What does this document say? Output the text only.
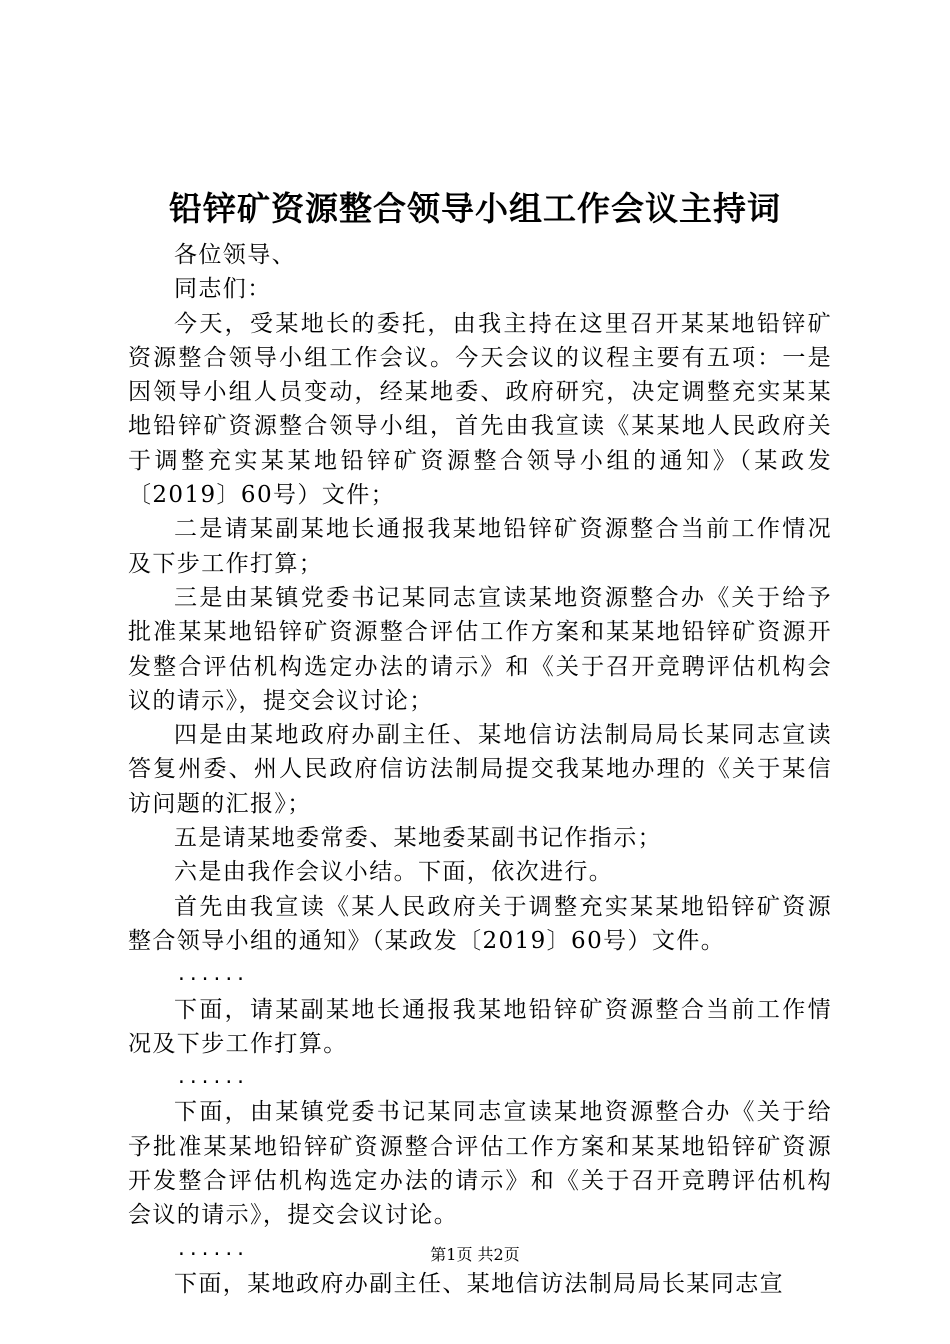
铅锌矿资源整合领导小组工作会议主持词

各位领导、

同志们：

今天，受某地长的委托，由我主持在这里召开某某地铅锌矿资源整合领导小组工作会议。今天会议的议程主要有五项：一是因领导小组人员变动，经某地委、政府研究，决定调整充实某某地铅锌矿资源整合领导小组，首先由我宣读《某某地人民政府关于调整充实某某地铅锌矿资源整合领导小组的通知》（某政发〔2019〕60号）文件；

二是请某副某地长通报我某地铅锌矿资源整合当前工作情况及下步工作打算；

三是由某镇党委书记某同志宣读某地资源整合办《关于给予批准某某地铅锌矿资源整合评估工作方案和某某地铅锌矿资源开发整合评估机构选定办法的请示》和《关于召开竞聘评估机构会议的请示》，提交会议讨论；

四是由某地政府办副主任、某地信访法制局局长某同志宣读答复州委、州人民政府信访法制局提交我某地办理的《关于某信访问题的汇报》；

五是请某地委常委、某地委某副书记作指示；

六是由我作会议小结。下面，依次进行。

首先由我宣读《某人民政府关于调整充实某某地铅锌矿资源整合领导小组的通知》（某政发〔2019〕60号）文件。

......

下面，请某副某地长通报我某地铅锌矿资源整合当前工作情况及下步工作打算。

......

下面，由某镇党委书记某同志宣读某地资源整合办《关于给予批准某某地铅锌矿资源整合评估工作方案和某某地铅锌矿资源开发整合评估机构选定办法的请示》和《关于召开竞聘评估机构会议的请示》，提交会议讨论。

......

下面，某地政府办副主任、某地信访法制局局长某同志宣

第1页 共2页
